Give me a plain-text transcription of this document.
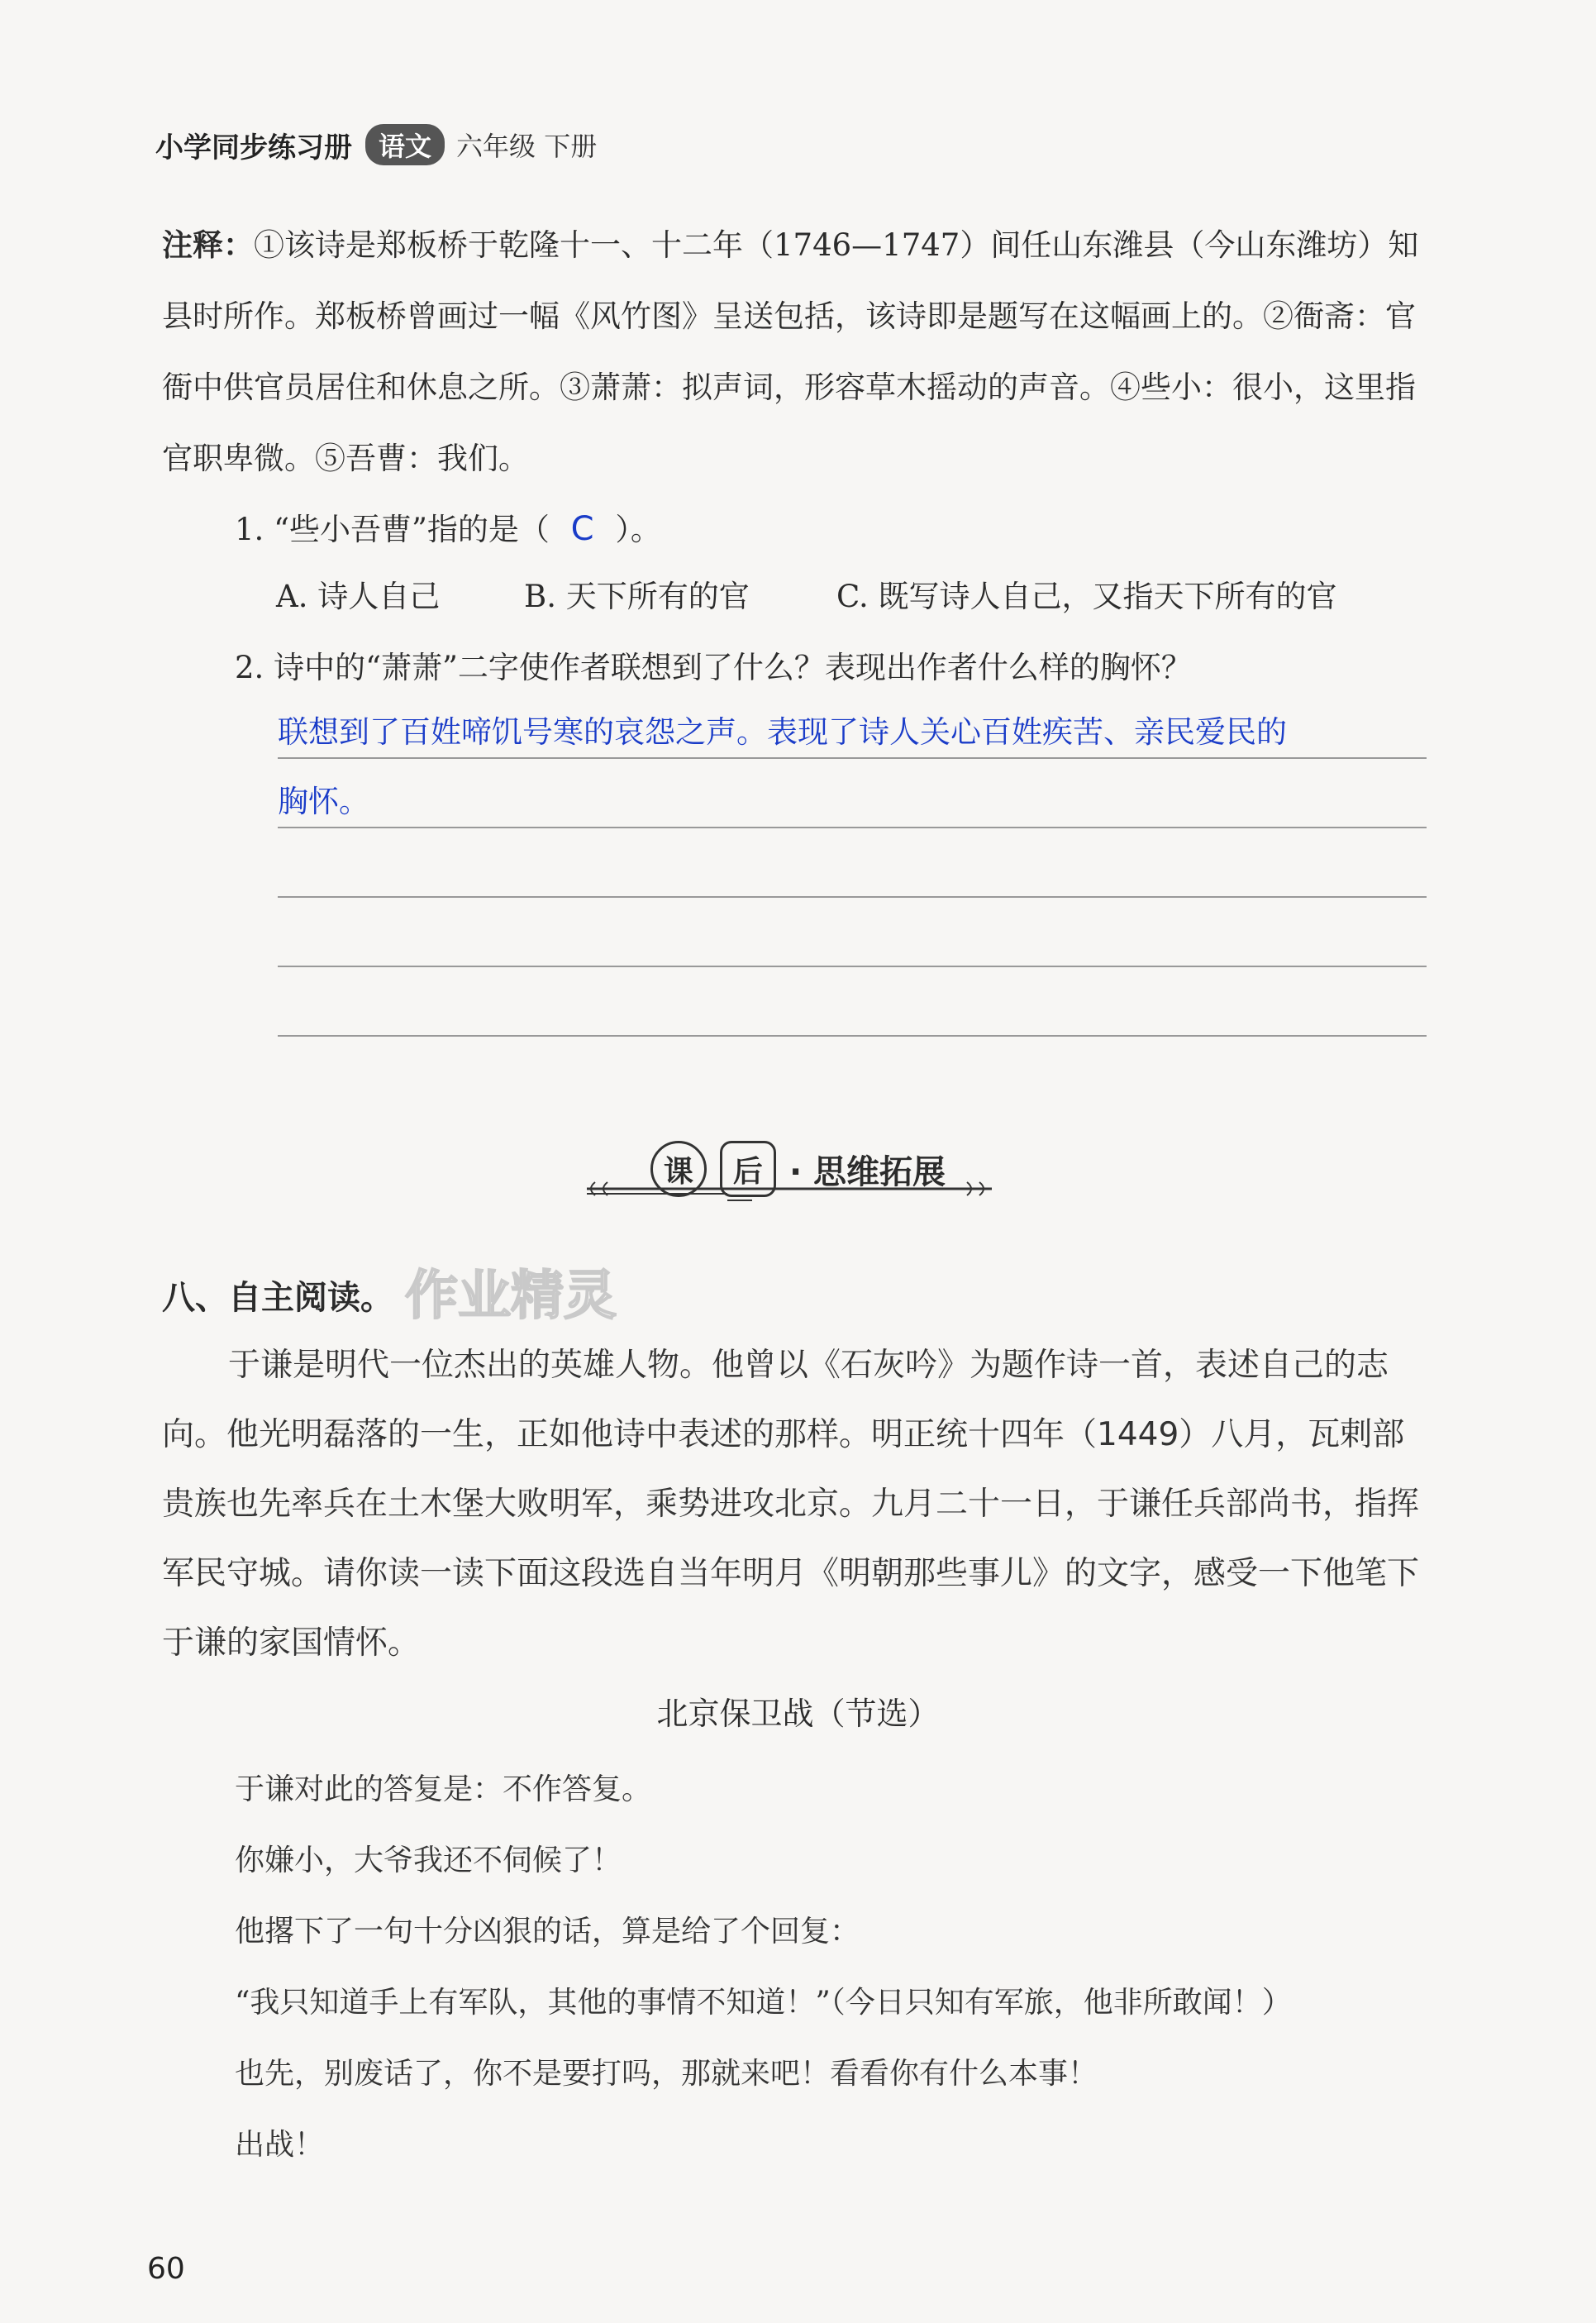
小学同步练习册	语文 六年级 下册
注释：①该诗是郑板桥于乾隆十一、十二年（1746—1747）间任山东潍县（今山东潍坊）知县时所作。郑板桥曾画过一幅《风竹图》呈送包括，该诗即是题写在这幅画上的。②衙斋：官衙中供官员居住和休息之所。③萧萧：拟声词，形容草木摇动的声音。④些小：很小，这里指官职卑微。⑤吾曹：我们。
1. “些小吾曹”指的是（ C ）。
A. 诗人自己	B. 天下所有的官	C. 既写诗人自己，又指天下所有的官
2. 诗中的“萧萧”二字使作者联想到了什么？表现出作者什么样的胸怀？
联想到了百姓啼饥号寒的哀怨之声。表现了诗人关心百姓疾苦、亲民爱民的
胸怀。
课	后 · 思维拓展
八、自主阅读。 作业精灵

于谦是明代一位杰出的英雄人物。他曾以《石灰吟》为题作诗一首，表述自己的志向。他光明磊落的一生，正如他诗中表述的那样。明正统十四年（1449）八月，瓦剌部贵族也先率兵在土木堡大败明军，乘势进攻北京。九月二十一日，于谦任兵部尚书，指挥军民守城。请你读一读下面这段选自当年明月《明朝那些事儿》的文字，感受一下他笔下于谦的家国情怀。

北京保卫战（节选）
于谦对此的答复是：不作答复。
你嫌小，大爷我还不伺候了！
他撂下了一句十分凶狠的话，算是给了个回复：
“我只知道手上有军队，其他的事情不知道！”（今日只知有军旅，他非所敢闻！）
也先，别废话了，你不是要打吗，那就来吧！看看你有什么本事！
出战！
60
